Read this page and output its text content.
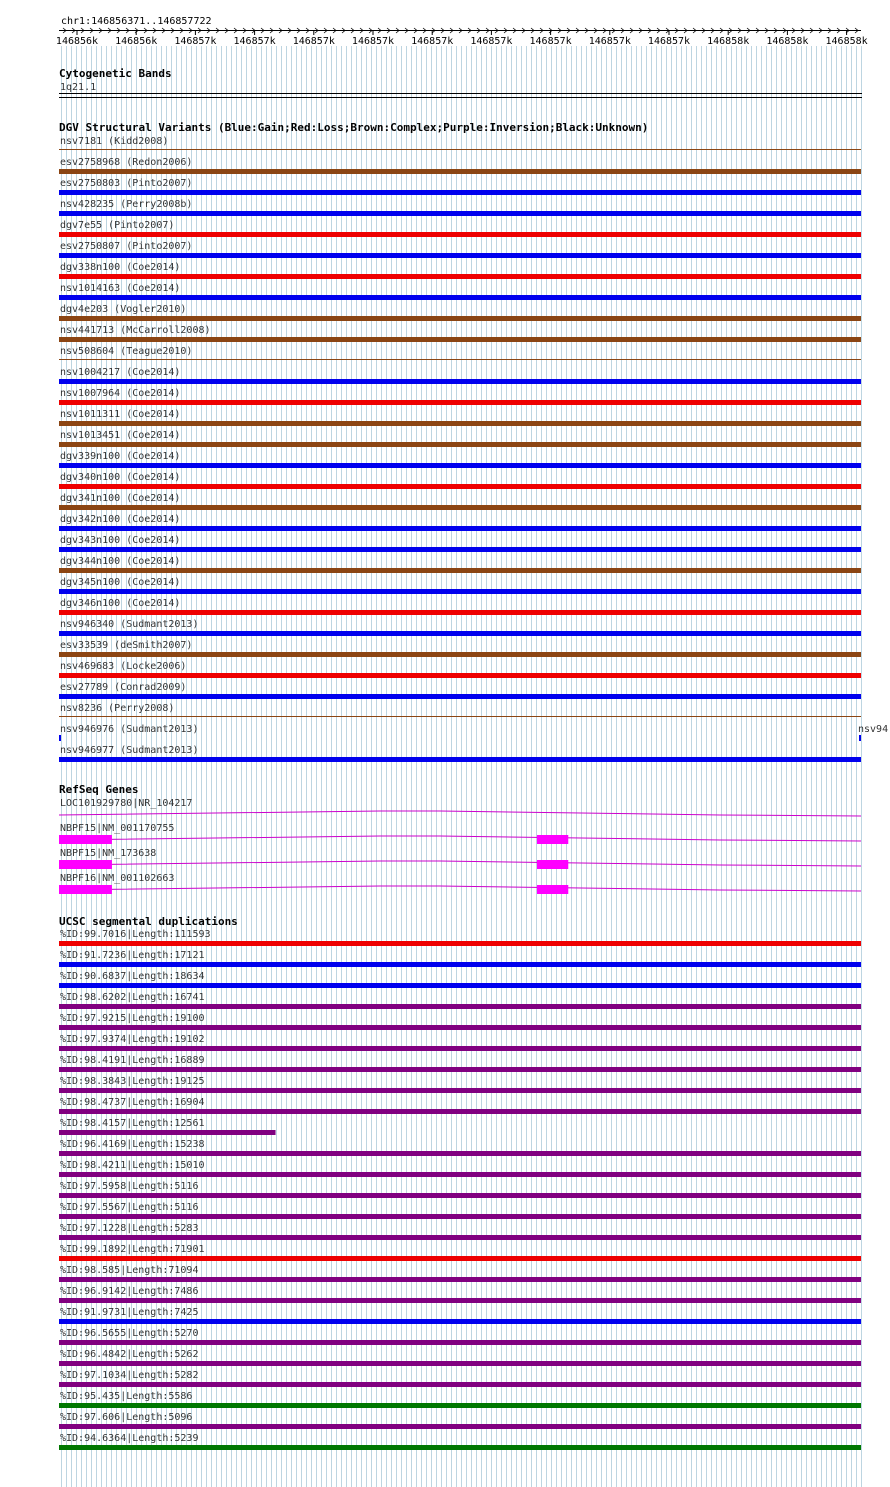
chr1:146856371..146857722
146856k 146856k 146857k 146857k 146857k 146857k 146857k 146857k 146857k 146857k 146857k 146858k 146858k 146858k
Cytogenetic Bands
1q21.1
DGV Structural Variants (Blue:Gain;Red:Loss;Brown:Complex;Purple:Inversion;Black:Unknown)
nsv7181 (Kidd2008)
esv2758968 (Redon2006)
esv2750803 (Pinto2007)
nsv428235 (Perry2008b)
dgv7e55 (Pinto2007)
esv2750807 (Pinto2007)
dgv338n100 (Coe2014)
nsv1014163 (Coe2014)
dgv4e203 (Vogler2010)
nsv441713 (McCarroll2008)
nsv508604 (Teague2010)
nsv1004217 (Coe2014)
nsv1007964 (Coe2014)
nsv1011311 (Coe2014)
nsv1013451 (Coe2014)
dgv339n100 (Coe2014)
dgv340n100 (Coe2014)
dgv341n100 (Coe2014)
dgv342n100 (Coe2014)
dgv343n100 (Coe2014)
dgv344n100 (Coe2014)
dgv345n100 (Coe2014)
dgv346n100 (Coe2014)
nsv946340 (Sudmant2013)
esv33539 (deSmith2007)
nsv469683 (Locke2006)
esv27789 (Conrad2009)
nsv8236 (Perry2008)
nsv946976 (Sudmant2013)
nsv946977 (Sudmant2013)
nsv94
RefSeq Genes
LOC101929780|NR_104217
NBPF15|NM_001170755
NBPF15|NM_173638
NBPF16|NM_001102663
UCSC segmental duplications
%ID:99.7016|Length:111593
%ID:91.7236|Length:17121
%ID:90.6837|Length:18634
%ID:98.6202|Length:16741
%ID:97.9215|Length:19100
%ID:97.9374|Length:19102
%ID:98.4191|Length:16889
%ID:98.3843|Length:19125
%ID:98.4737|Length:16904
%ID:98.4157|Length:12561
%ID:96.4169|Length:15238
%ID:98.4211|Length:15010
%ID:97.5958|Length:5116
%ID:97.5567|Length:5116
%ID:97.1228|Length:5283
%ID:99.1892|Length:71901
%ID:98.585|Length:71094
%ID:96.9142|Length:7486
%ID:91.9731|Length:7425
%ID:96.5655|Length:5270
%ID:96.4842|Length:5262
%ID:97.1034|Length:5282
%ID:95.435|Length:5586
%ID:97.606|Length:5096
%ID:94.6364|Length:5239
